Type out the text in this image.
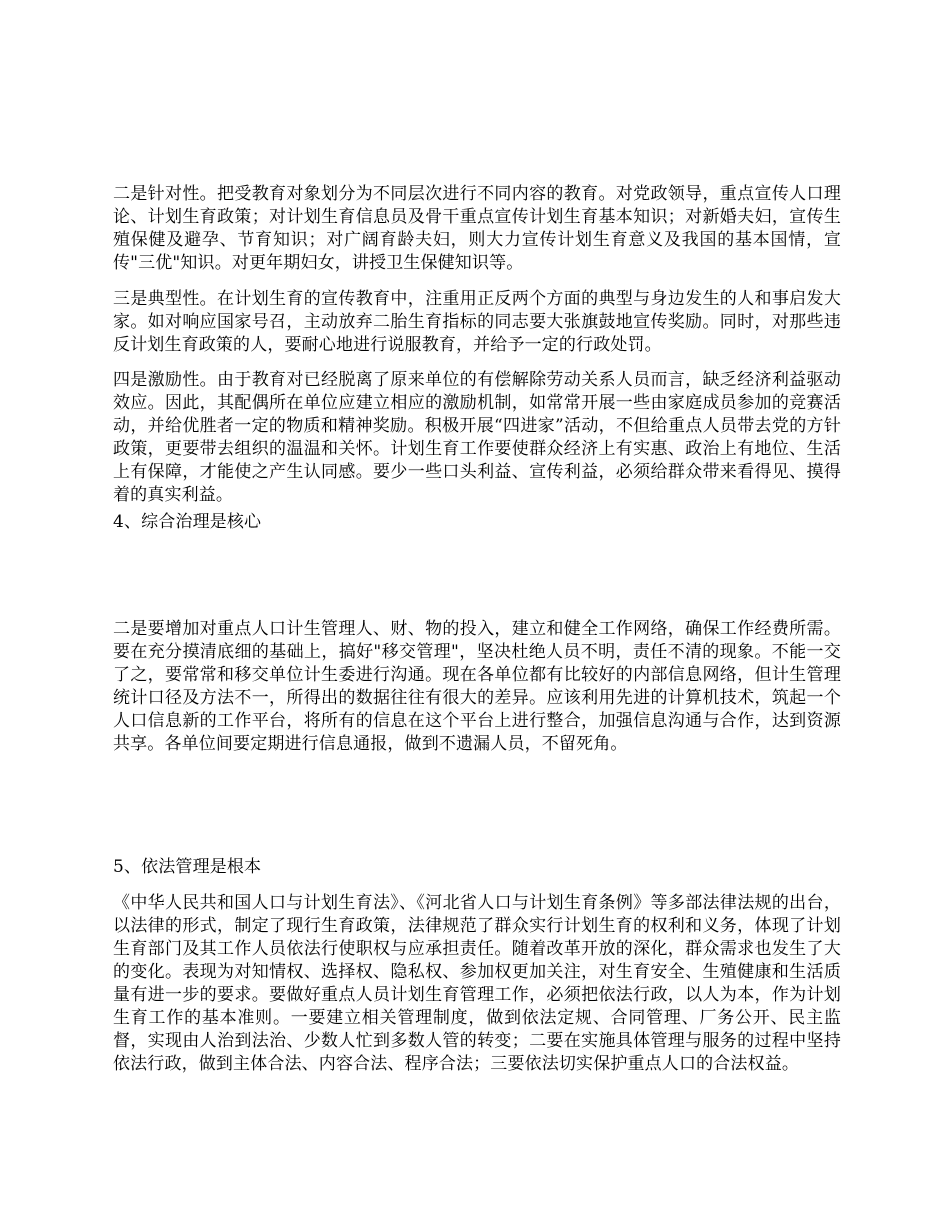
二是针对性。把受教育对象划分为不同层次进行不同内容的教育。对党政领导，重点宣传人口理论、计划生育政策；对计划生育信息员及骨干重点宣传计划生育基本知识；对新婚夫妇，宣传生殖保健及避孕、节育知识；对广阔育龄夫妇，则大力宣传计划生育意义及我国的基本国情，宣传"三优"知识。对更年期妇女，讲授卫生保健知识等。

三是典型性。在计划生育的宣传教育中，注重用正反两个方面的典型与身边发生的人和事启发大家。如对响应国家号召，主动放弃二胎生育指标的同志要大张旗鼓地宣传奖励。同时，对那些违反计划生育政策的人，要耐心地进行说服教育，并给予一定的行政处罚。

四是激励性。由于教育对已经脱离了原来单位的有偿解除劳动关系人员而言，缺乏经济利益驱动效应。因此，其配偶所在单位应建立相应的激励机制，如常常开展一些由家庭成员参加的竞赛活动，并给优胜者一定的物质和精神奖励。积极开展“四进家”活动，不但给重点人员带去党的方针政策，更要带去组织的温温和关怀。计划生育工作要使群众经济上有实惠、政治上有地位、生活上有保障，才能使之产生认同感。要少一些口头利益、宣传利益，必须给群众带来看得见、摸得着的真实利益。

4、综合治理是核心

二是要增加对重点人口计生管理人、财、物的投入，建立和健全工作网络，确保工作经费所需。要在充分摸清底细的基础上，搞好"移交管理"，坚决杜绝人员不明，责任不清的现象。不能一交了之，要常常和移交单位计生委进行沟通。现在各单位都有比较好的内部信息网络，但计生管理统计口径及方法不一，所得出的数据往往有很大的差异。应该利用先进的计算机技术，筑起一个人口信息新的工作平台，将所有的信息在这个平台上进行整合，加强信息沟通与合作，达到资源共享。各单位间要定期进行信息通报，做到不遗漏人员，不留死角。

5、依法管理是根本

《中华人民共和国人口与计划生育法》、《河北省人口与计划生育条例》等多部法律法规的出台，以法律的形式，制定了现行生育政策，法律规范了群众实行计划生育的权利和义务，体现了计划生育部门及其工作人员依法行使职权与应承担责任。随着改革开放的深化，群众需求也发生了大的变化。表现为对知情权、选择权、隐私权、参加权更加关注，对生育安全、生殖健康和生活质量有进一步的要求。要做好重点人员计划生育管理工作，必须把依法行政，以人为本，作为计划生育工作的基本准则。一要建立相关管理制度，做到依法定规、合同管理、厂务公开、民主监督，实现由人治到法治、少数人忙到多数人管的转变；二要在实施具体管理与服务的过程中坚持依法行政，做到主体合法、内容合法、程序合法；三要依法切实保护重点人口的合法权益。
